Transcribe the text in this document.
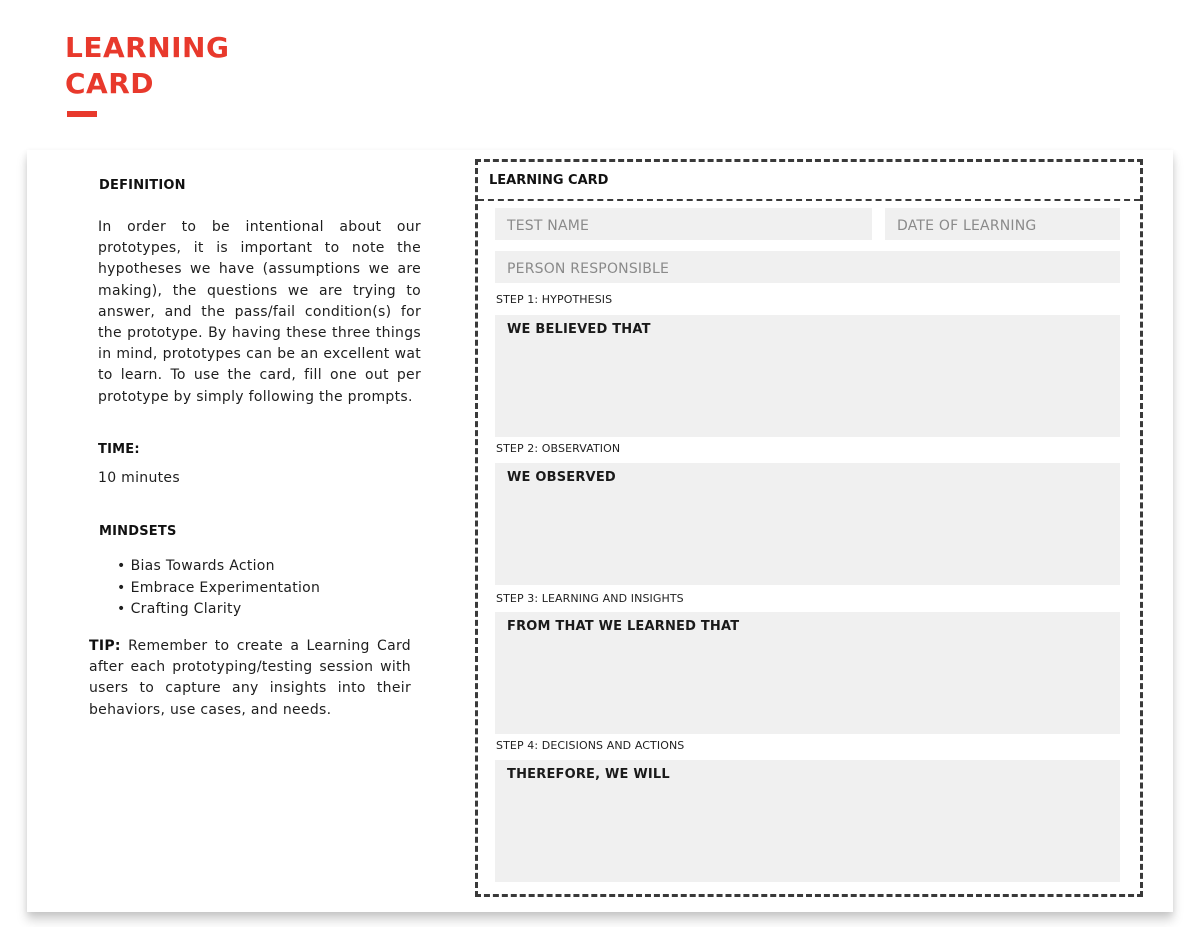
LEARNING
CARD
DEFINITION
In order to be intentional about our prototypes, it is important to note the hypotheses we have (assumptions we are making), the questions we are trying to answer, and the pass/fail condition(s) for the prototype. By having these three things in mind, prototypes can be an excellent wat to learn. To use the card, fill one out per prototype by simply following the prompts.
TIME:
10 minutes
MINDSETS
• Bias Towards Action
• Embrace Experimentation
• Crafting Clarity
TIP: Remember to create a Learning Card after each prototyping/testing session with users to capture any insights into their behaviors, use cases, and needs.
LEARNING CARD
TEST NAME	DATE OF LEARNING
PERSON RESPONSIBLE
STEP 1: HYPOTHESIS
WE BELIEVED THAT
STEP 2: OBSERVATION
WE OBSERVED
STEP 3: LEARNING AND INSIGHTS
FROM THAT WE LEARNED THAT
STEP 4: DECISIONS AND ACTIONS
THEREFORE, WE WILL
